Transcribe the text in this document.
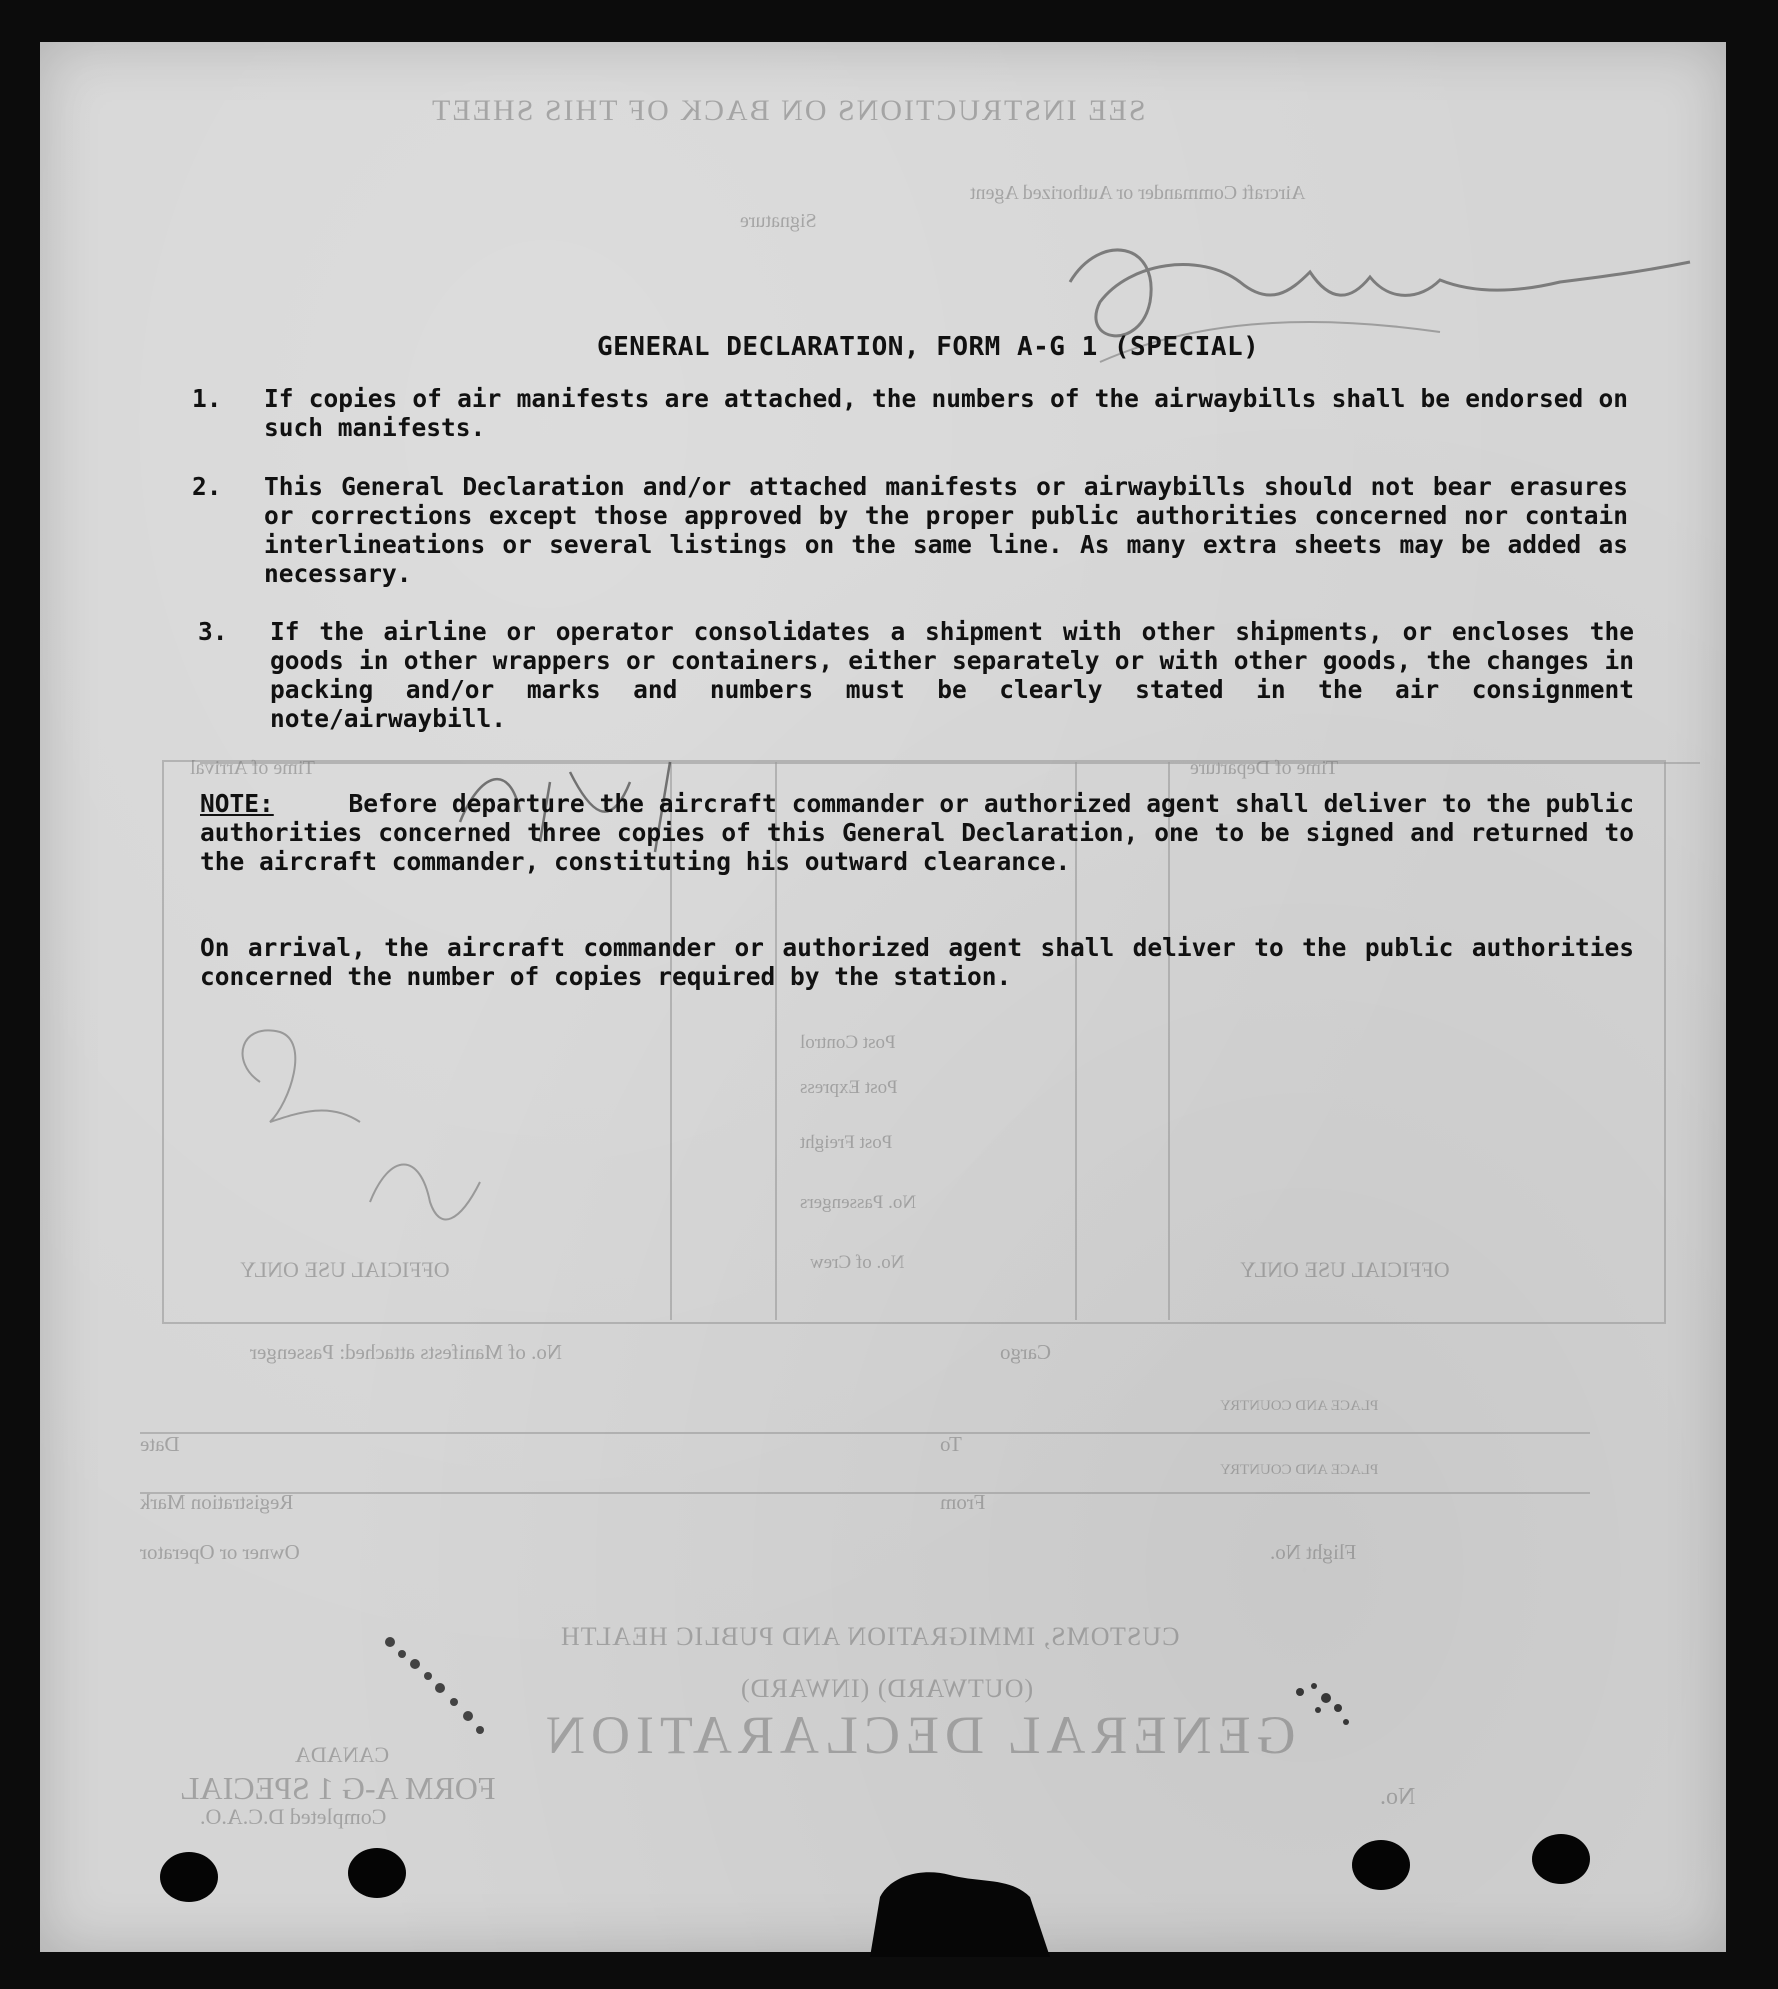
SEE INSTRUCTIONS ON BACK OF THIS SHEET
Aircraft Commander or Authorized Agent
Signature
Time of Departure
Time of Arrival
Post Control
Post Express
Post Freight
No. Passengers
No. of Crew
OFFICIAL USE ONLY	OFFICIAL USE ONLY
No. of Manifests attached: Passenger	Cargo
PLACE AND COUNTRY
PLACE AND COUNTRY
Date	To
Registration Mark	From
Owner or Operator	Flight No.
CUSTOMS, IMMIGRATION AND PUBLIC HEALTH
(OUTWARD) (INWARD)
GENERAL DECLARATION
CANADA
FORM A-G 1 SPECIAL
Completed D.C.A.O.
No.
GENERAL DECLARATION, FORM A-G 1 (SPECIAL)
1. If copies of air manifests are attached, the numbers of the airwaybills shall be endorsed on such manifests.
2. This General Declaration and/or attached manifests or airwaybills should not bear erasures or corrections except those approved by the proper public authorities concerned nor contain interlineations or several listings on the same line. As many extra sheets may be added as necessary.
3. If the airline or operator consolidates a shipment with other shipments, or encloses the goods in other wrappers or containers, either separately or with other goods, the changes in packing and/or marks and numbers must be clearly stated in the air consignment note/airwaybill.

NOTE:	Before departure the aircraft commander or authorized agent shall deliver to the public authorities concerned three copies of this General Declaration, one to be signed and returned to the aircraft commander, constituting his outward clearance.

On arrival, the aircraft commander or authorized agent shall deliver to the public authorities concerned the number of copies required by the station.
